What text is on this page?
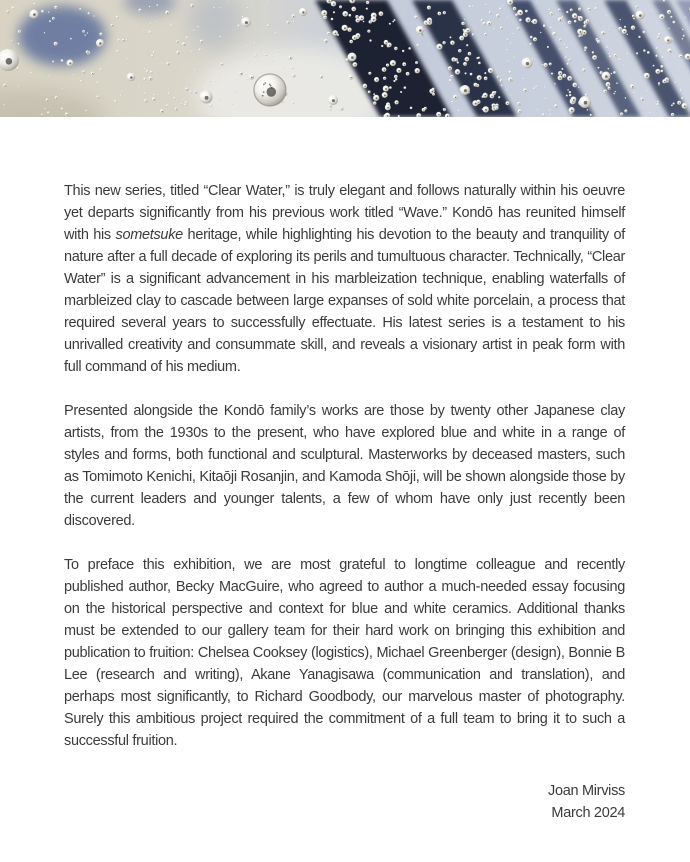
This new series, titled “Clear Water,” is truly elegant and follows naturally within his oeuvre yet departs significantly from his previous work titled “Wave.” Kondō has reunited himself with his sometsuke heritage, while highlighting his devotion to the beauty and tranquility of nature after a full decade of exploring its perils and tumultuous character. Technically, “Clear Water” is a significant advancement in his marbleization technique, enabling waterfalls of marbleized clay to cascade between large expanses of sold white porcelain, a process that required several years to successfully effectuate. His latest series is a testament to his unrivalled creativity and consummate skill, and reveals a visionary artist in peak form with full command of his medium.

Presented alongside the Kondō family’s works are those by twenty other Japanese clay artists, from the 1930s to the present, who have explored blue and white in a range of styles and forms, both functional and sculptural. Masterworks by deceased masters, such as Tomimoto Kenichi, Kitaōji Rosanjin, and Kamoda Shōji, will be shown alongside those by the current leaders and younger talents, a few of whom have only just recently been discovered.

To preface this exhibition, we are most grateful to longtime colleague and recently published author, Becky MacGuire, who agreed to author a much-needed essay focusing on the historical perspective and context for blue and white ceramics. Additional thanks must be extended to our gallery team for their hard work on bringing this exhibition and publication to fruition: Chelsea Cooksey (logistics), Michael Greenberger (design), Bonnie B Lee (research and writing), Akane Yanagisawa (communication and translation), and perhaps most significantly, to Richard Goodbody, our marvelous master of photography. Surely this ambitious project required the commitment of a full team to bring it to such a successful fruition.

Joan Mirviss

March 2024
